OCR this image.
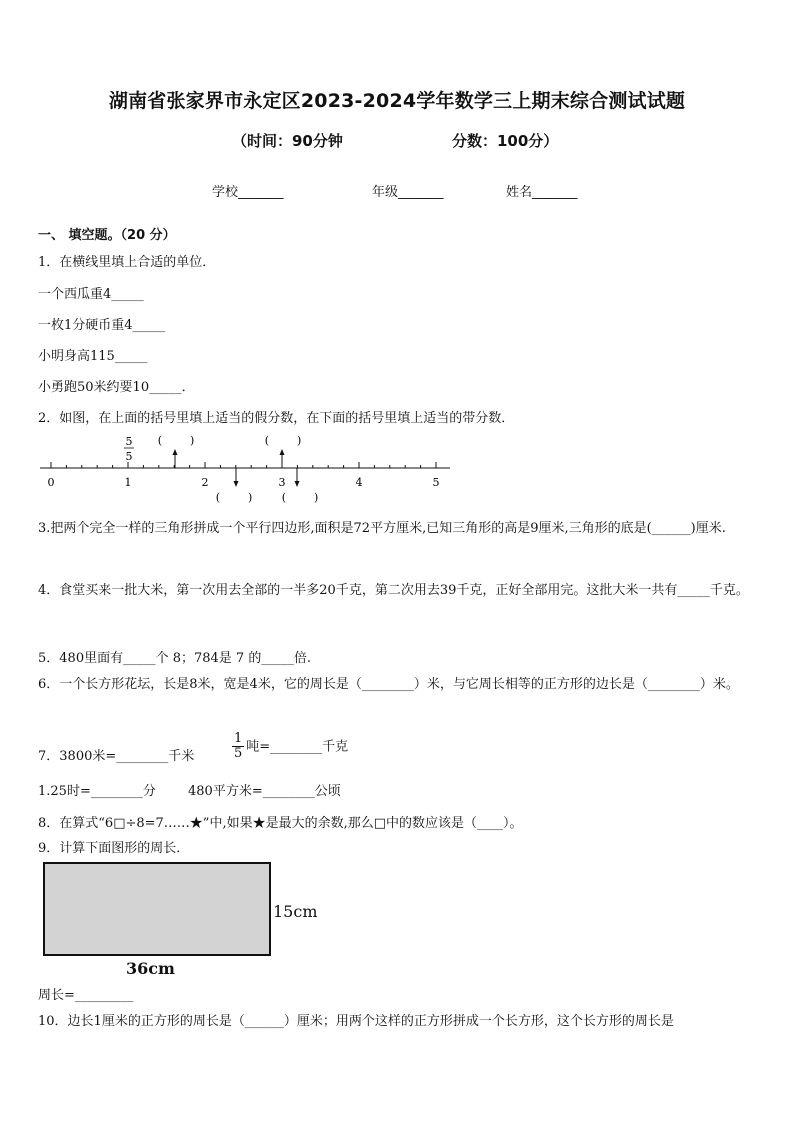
湖南省张家界市永定区2023-2024学年数学三上期末综合测试试题
（时间：90分钟	分数：100分）
学校_______	年级_______	姓名_______
一、 填空题。（20 分）
1．在横线里填上合适的单位．
一个西瓜重4_____
一枚1分硬币重4_____
小明身高115_____
小勇跑50米约要10_____．
2．如图，在上面的括号里填上适当的假分数，在下面的括号里填上适当的带分数．
5
5
(        )	(        )
(        )	(        )
0	1	2	3	4	5
3.把两个完全一样的三角形拼成一个平行四边形,面积是72平方厘米,已知三角形的高是9厘米,三角形的底是(______)厘米.
4．食堂买来一批大米，第一次用去全部的一半多20千克，第二次用去39千克，正好全部用完。这批大米一共有_____千克。
5．480里面有_____个 8；784是 7 的_____倍.
6．一个长方形花坛，长是8米，宽是4米，它的周长是（________）米，与它周长相等的正方形的边长是（________）米。
7．3800米=________千米	$\frac{1}{5}$ 吨=________千克
1.25时=________分 480平方米=________公顷
8．在算式“6□÷8=7……★”中,如果★是最大的余数,那么□中的数应该是（____）。
9．计算下面图形的周长．
15cm
36cm
周长=_________
10．边长1厘米的正方形的周长是（______）厘米；用两个这样的正方形拼成一个长方形，这个长方形的周长是
